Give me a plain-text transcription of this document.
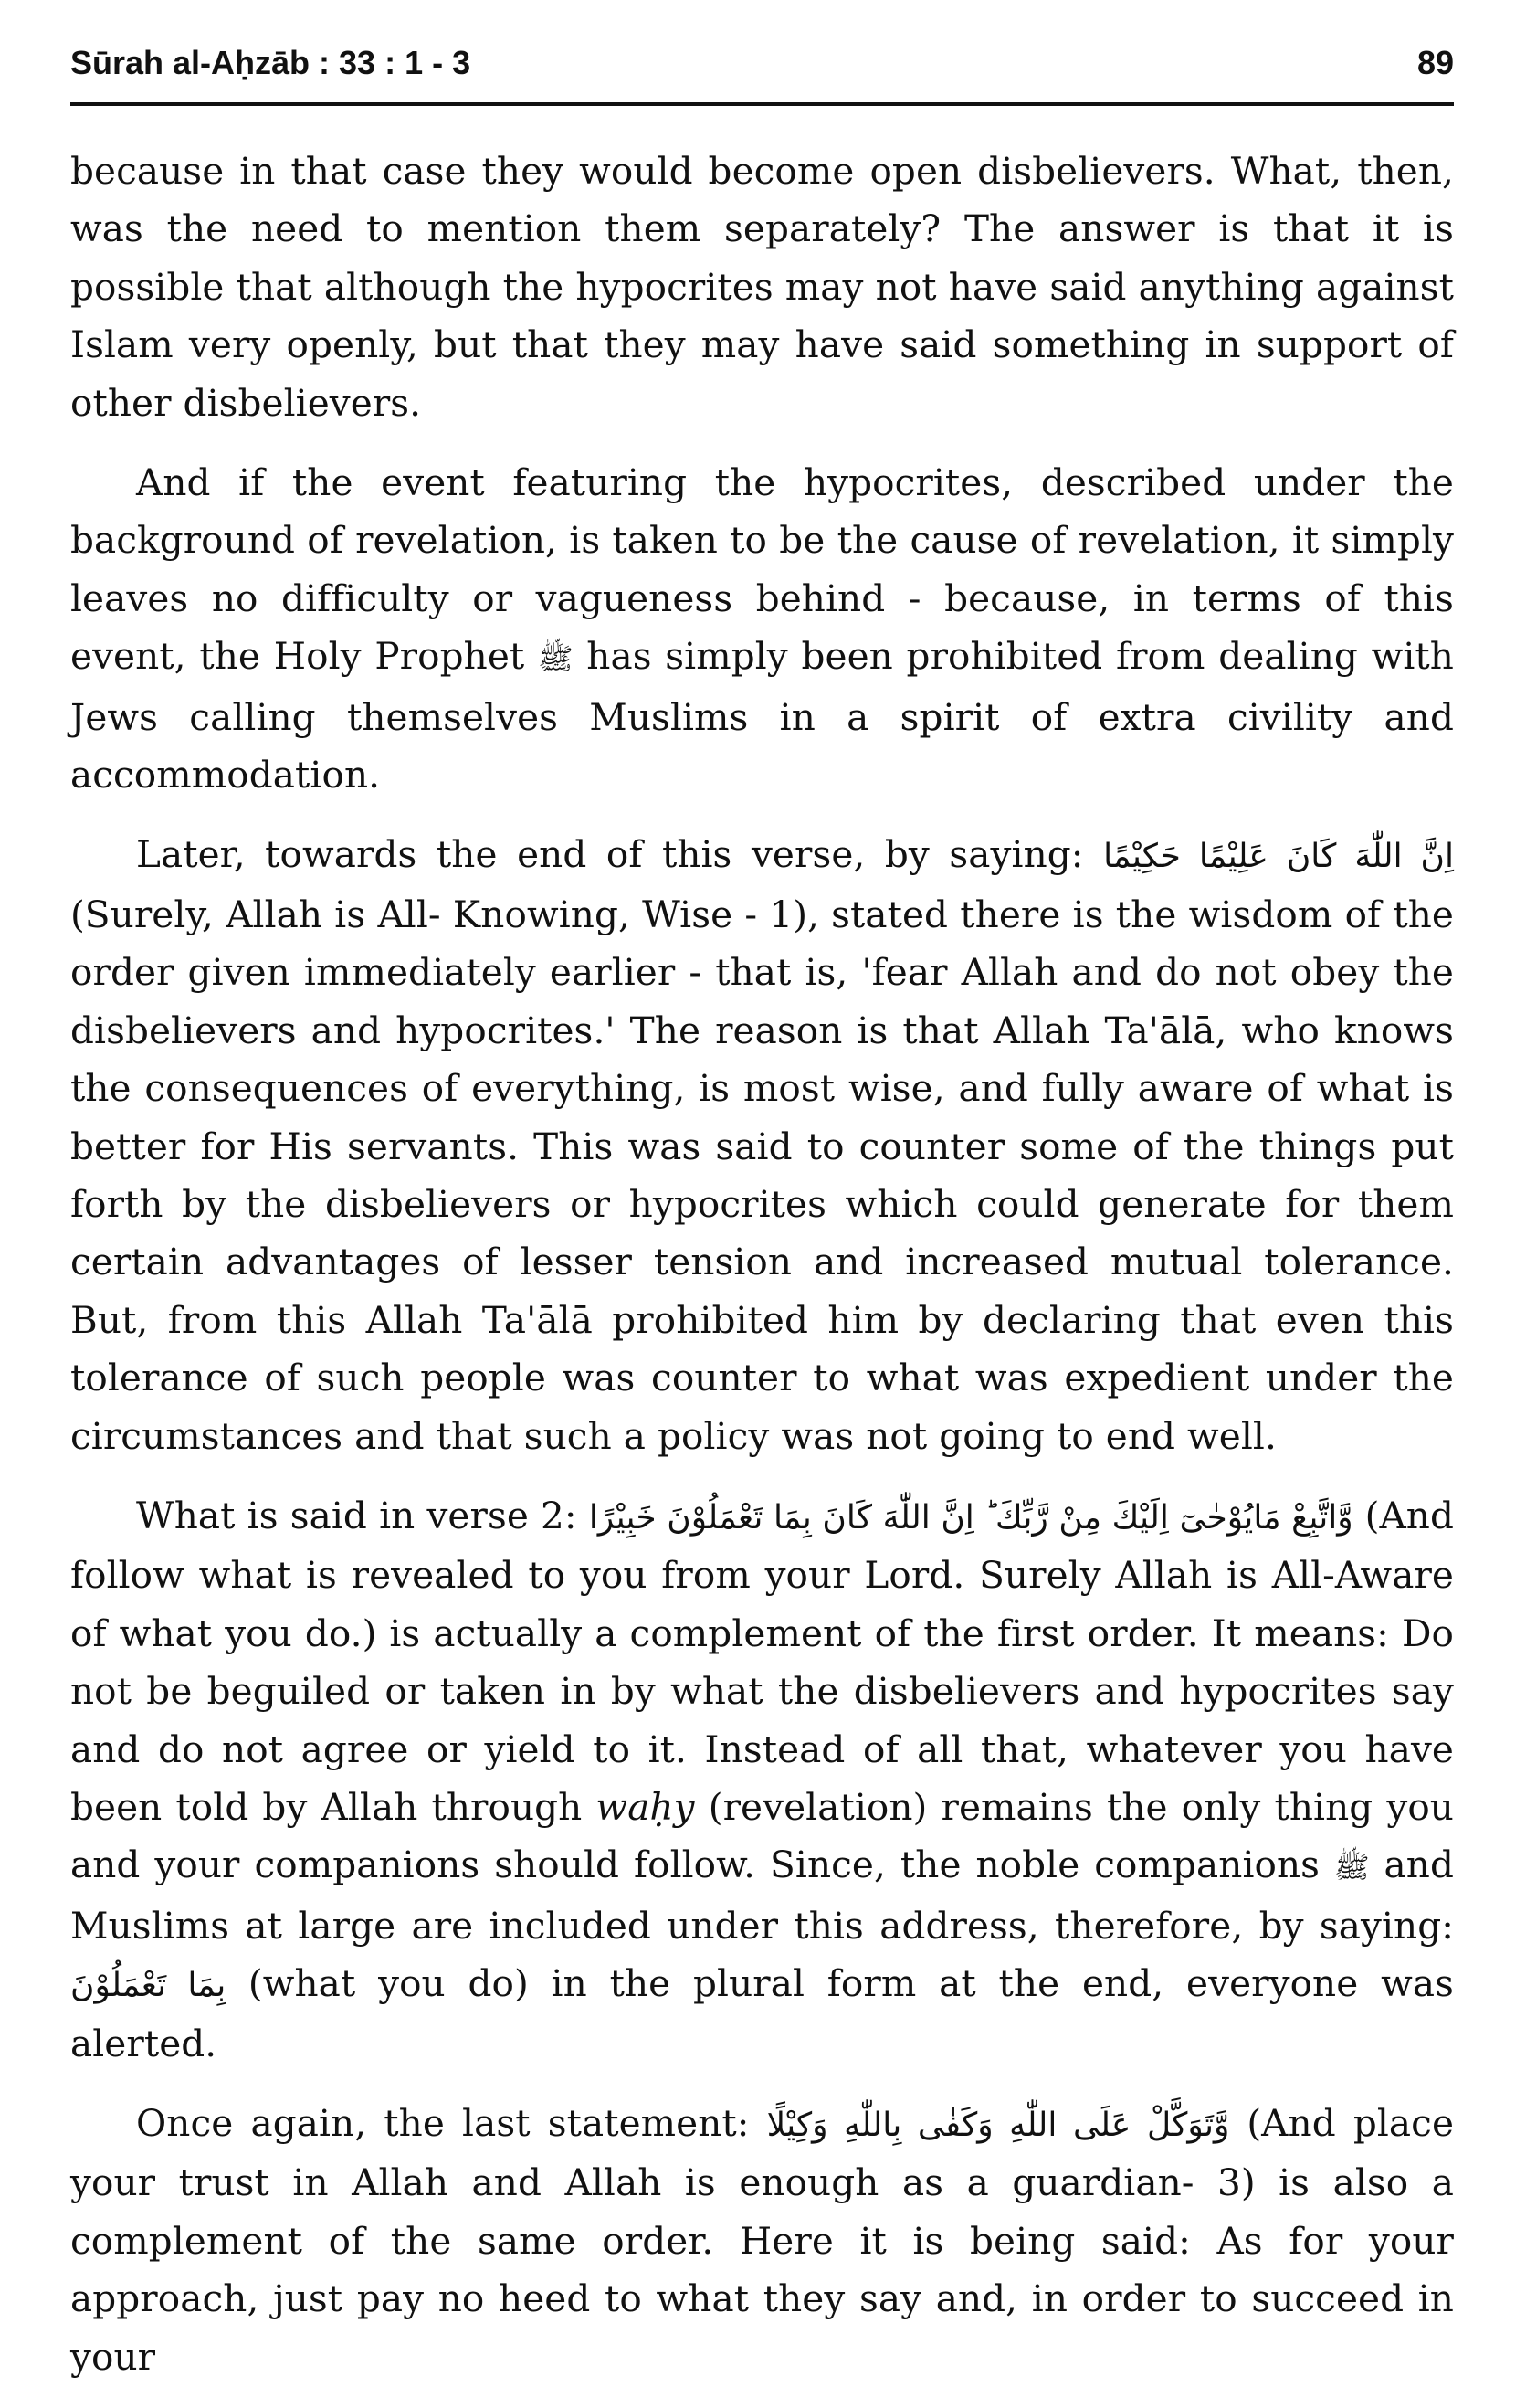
Sūrah al-Aḥzāb : 33 : 1 - 3	89

because in that case they would become open disbelievers. What, then, was the need to mention them separately? The answer is that it is possible that although the hypocrites may not have said anything against Islam very openly, but that they may have said something in support of other disbelievers.

And if the event featuring the hypocrites, described under the background of revelation, is taken to be the cause of revelation, it simply leaves no difficulty or vagueness behind - because, in terms of this event, the Holy Prophet ﷺ has simply been prohibited from dealing with Jews calling themselves Muslims in a spirit of extra civility and accommodation.

Later, towards the end of this verse, by saying: اِنَّ اللّٰهَ كَانَ عَلِيْمًا حَكِيْمًا (Surely, Allah is All- Knowing, Wise - 1), stated there is the wisdom of the order given immediately earlier - that is, 'fear Allah and do not obey the disbelievers and hypocrites.' The reason is that Allah Ta'ālā, who knows the consequences of everything, is most wise, and fully aware of what is better for His servants. This was said to counter some of the things put forth by the disbelievers or hypocrites which could generate for them certain advantages of lesser tension and increased mutual tolerance. But, from this Allah Ta'ālā prohibited him by declaring that even this tolerance of such people was counter to what was expedient under the circumstances and that such a policy was not going to end well.

What is said in verse 2: وَّاتَّبِعْ مَايُوْحٰىٓ اِلَيْكَ مِنْ رَّبِّكَ ؕ اِنَّ اللّٰهَ كَانَ بِمَا تَعْمَلُوْنَ خَبِيْرًا (And follow what is revealed to you from your Lord. Surely Allah is All-Aware of what you do.) is actually a complement of the first order. It means: Do not be beguiled or taken in by what the disbelievers and hypocrites say and do not agree or yield to it. Instead of all that, whatever you have been told by Allah through waḥy (revelation) remains the only thing you and your companions should follow. Since, the noble companions ﷺ and Muslims at large are included under this address, therefore, by saying: بِمَا تَعْمَلُوْنَ (what you do) in the plural form at the end, everyone was alerted.

Once again, the last statement: وَّتَوَكَّلْ عَلَى اللّٰهِ وَكَفٰى بِاللّٰهِ وَكِيْلًا (And place your trust in Allah and Allah is enough as a guardian- 3) is also a complement of the same order. Here it is being said: As for your approach, just pay no heed to what they say and, in order to succeed in your
